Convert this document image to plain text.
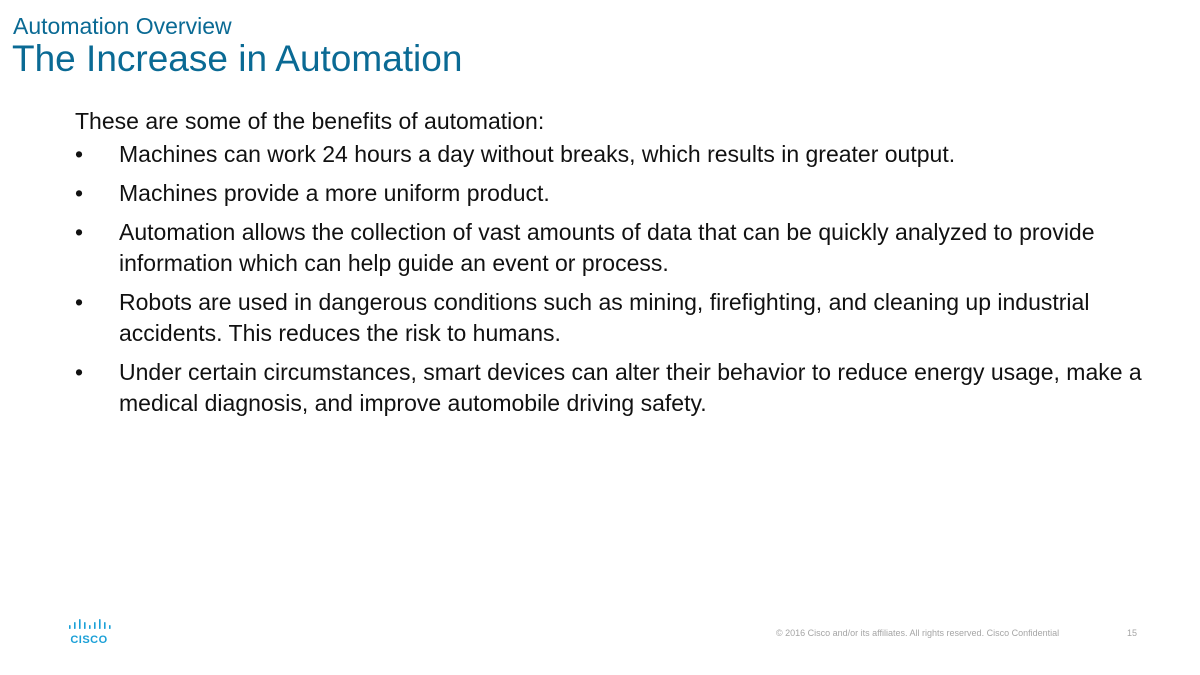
Automation Overview
The Increase in Automation
These are some of the benefits of automation:
•	Machines can work 24 hours a day without breaks, which results in greater output.
•	Machines provide a more uniform product.
•	Automation allows the collection of vast amounts of data that can be quickly analyzed to provide information which can help guide an event or process.
•	Robots are used in dangerous conditions such as mining, firefighting, and cleaning up industrial accidents. This reduces the risk to humans.
•	Under certain circumstances, smart devices can alter their behavior to reduce energy usage, make a medical diagnosis, and improve automobile driving safety.
CISCO
© 2016 Cisco and/or its affiliates. All rights reserved. Cisco Confidential	15
